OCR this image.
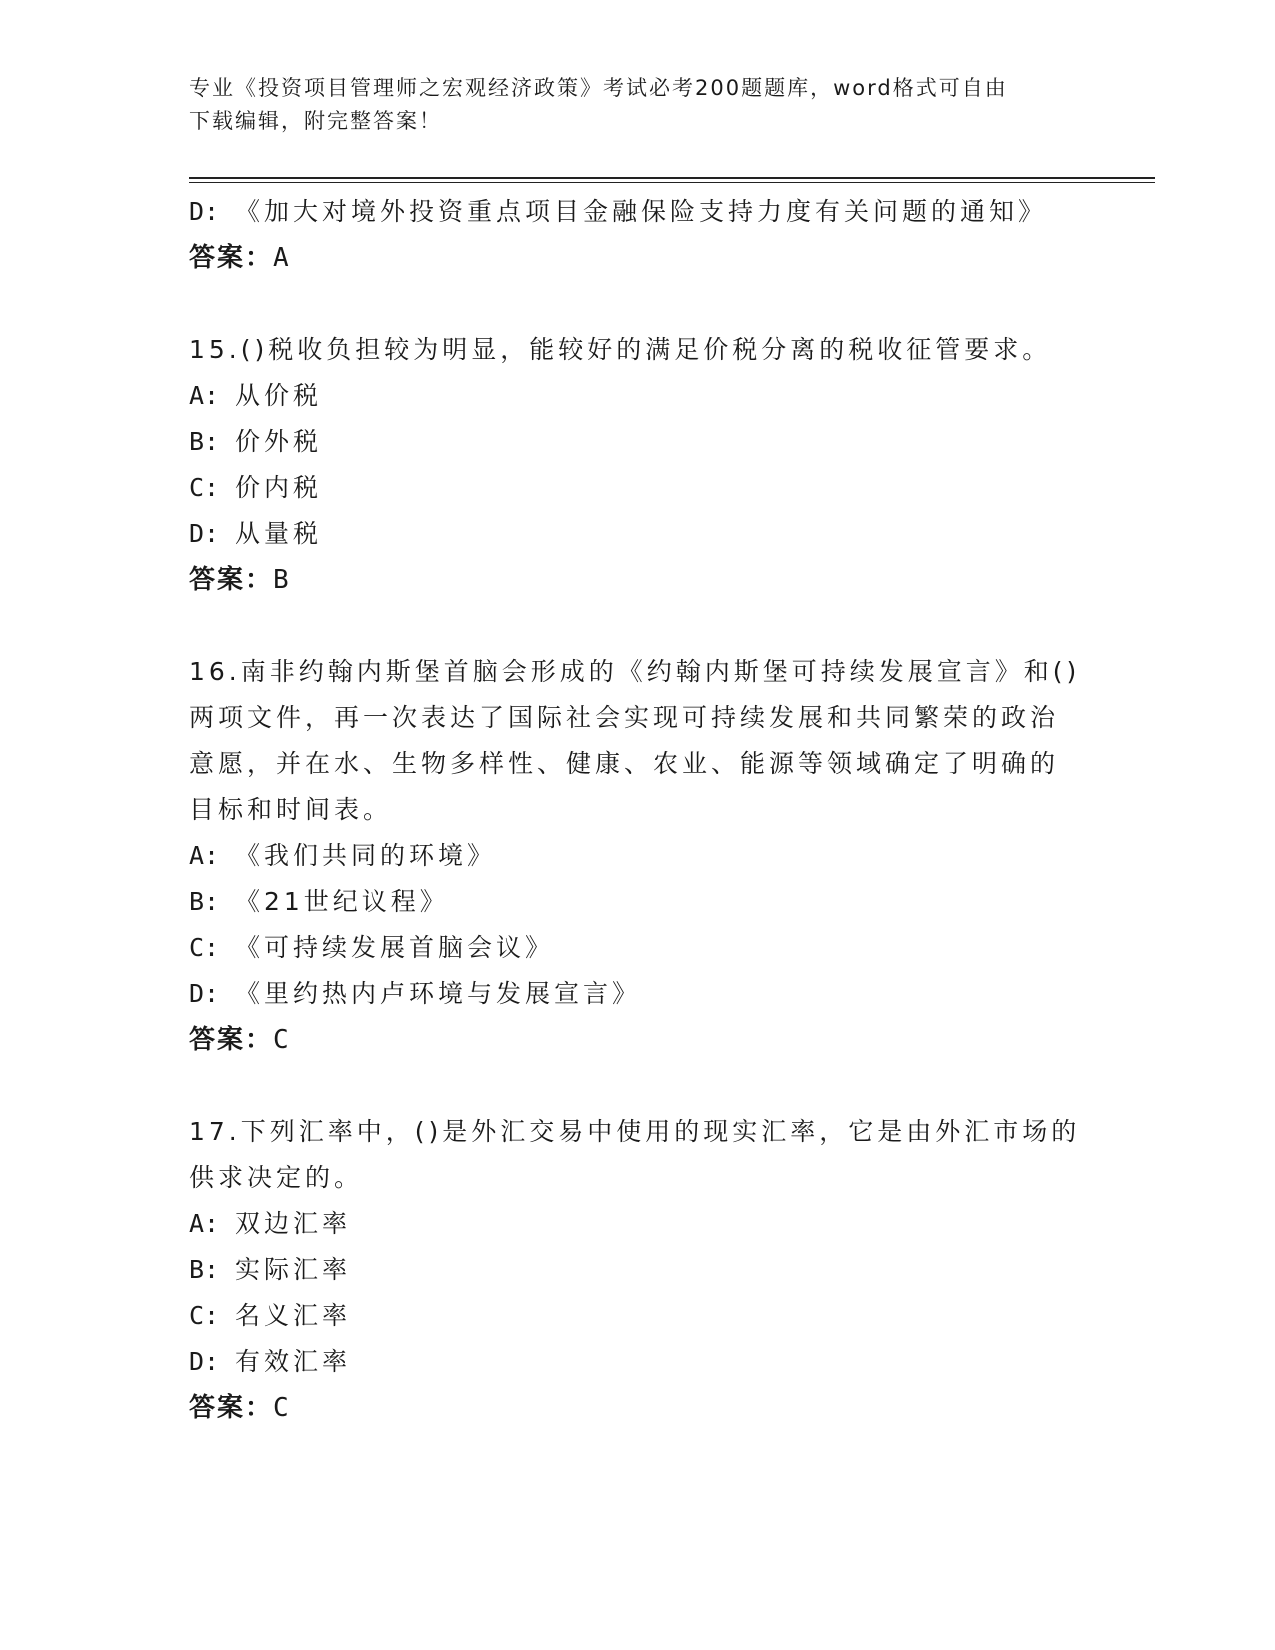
专业《投资项目管理师之宏观经济政策》考试必考200题题库，word格式可自由
下载编辑，附完整答案！
D: 《加大对境外投资重点项目金融保险支持力度有关问题的通知》
答案：A
15.()税收负担较为明显，能较好的满足价税分离的税收征管要求。
A: 从价税
B: 价外税
C: 价内税
D: 从量税
答案：B
16.南非约翰内斯堡首脑会形成的《约翰内斯堡可持续发展宣言》和()
两项文件，再一次表达了国际社会实现可持续发展和共同繁荣的政治
意愿，并在水、生物多样性、健康、农业、能源等领域确定了明确的
目标和时间表。
A: 《我们共同的环境》
B: 《21世纪议程》
C: 《可持续发展首脑会议》
D: 《里约热内卢环境与发展宣言》
答案：C
17.下列汇率中，()是外汇交易中使用的现实汇率，它是由外汇市场的
供求决定的。
A: 双边汇率
B: 实际汇率
C: 名义汇率
D: 有效汇率
答案：C
